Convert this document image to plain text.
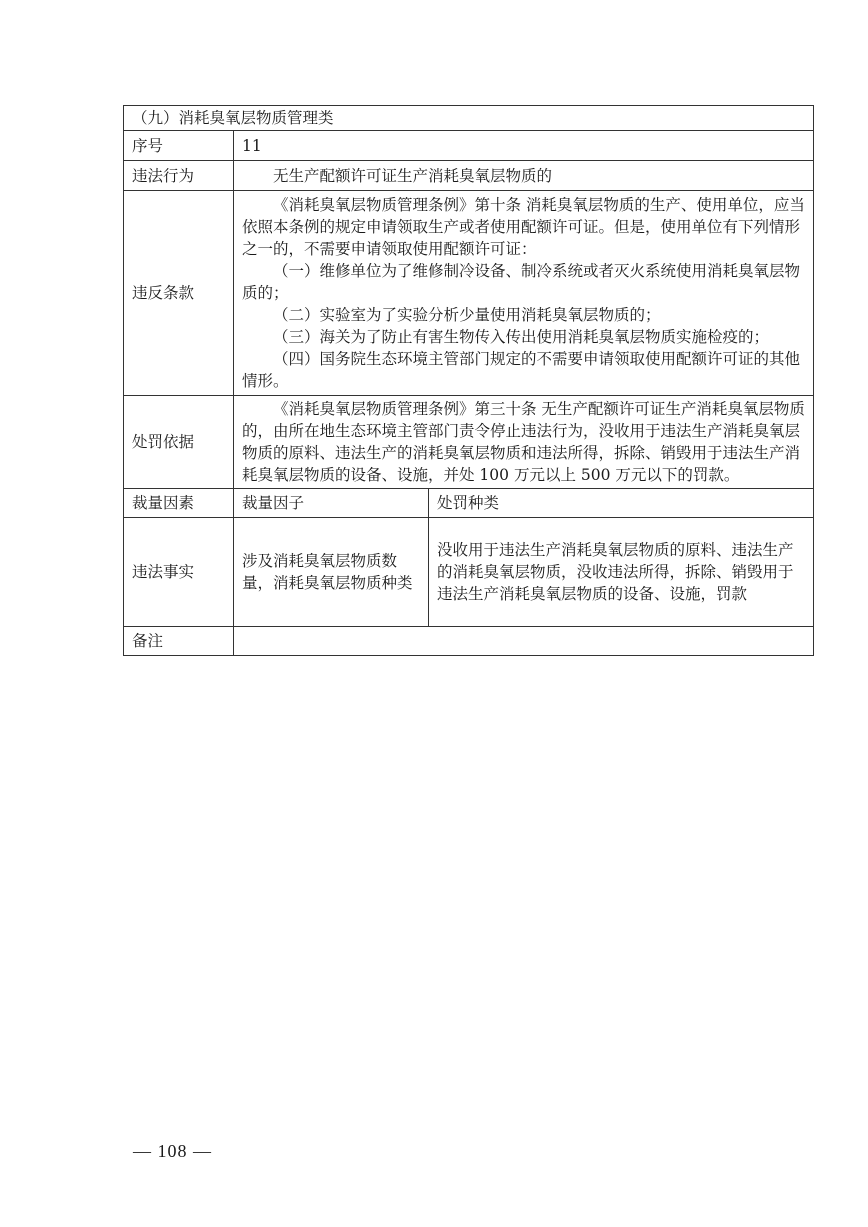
（九）消耗臭氧层物质管理类		
序号	11	
违法行为	无生产配额许可证生产消耗臭氧层物质的	
违反条款	《消耗臭氧层物质管理条例》第十条 消耗臭氧层物质的生产、使用单位，应当依照本条例的规定申请领取生产或者使用配额许可证。但是，使用单位有下列情形之一的，不需要申请领取使用配额许可证：

（一）维修单位为了维修制冷设备、制冷系统或者灭火系统使用消耗臭氧层物质的；

（二）实验室为了实验分析少量使用消耗臭氧层物质的；

（三）海关为了防止有害生物传入传出使用消耗臭氧层物质实施检疫的；

（四）国务院生态环境主管部门规定的不需要申请领取使用配额许可证的其他情形。	

处罚依据	《消耗臭氧层物质管理条例》第三十条 无生产配额许可证生产消耗臭氧层物质的，由所在地生态环境主管部门责令停止违法行为，没收用于违法生产消耗臭氧层物质的原料、违法生产的消耗臭氧层物质和违法所得，拆除、销毁用于违法生产消耗臭氧层物质的设备、设施，并处 100 万元以上 500 万元以下的罚款。	

裁量因素	裁量因子	处罚种类
违法事实	涉及消耗臭氧层物质数量，消耗臭氧层物质种类	没收用于违法生产消耗臭氧层物质的原料、违法生产的消耗臭氧层物质，没收违法所得，拆除、销毁用于违法生产消耗臭氧层物质的设备、设施，罚款
备注		
— 108 —
